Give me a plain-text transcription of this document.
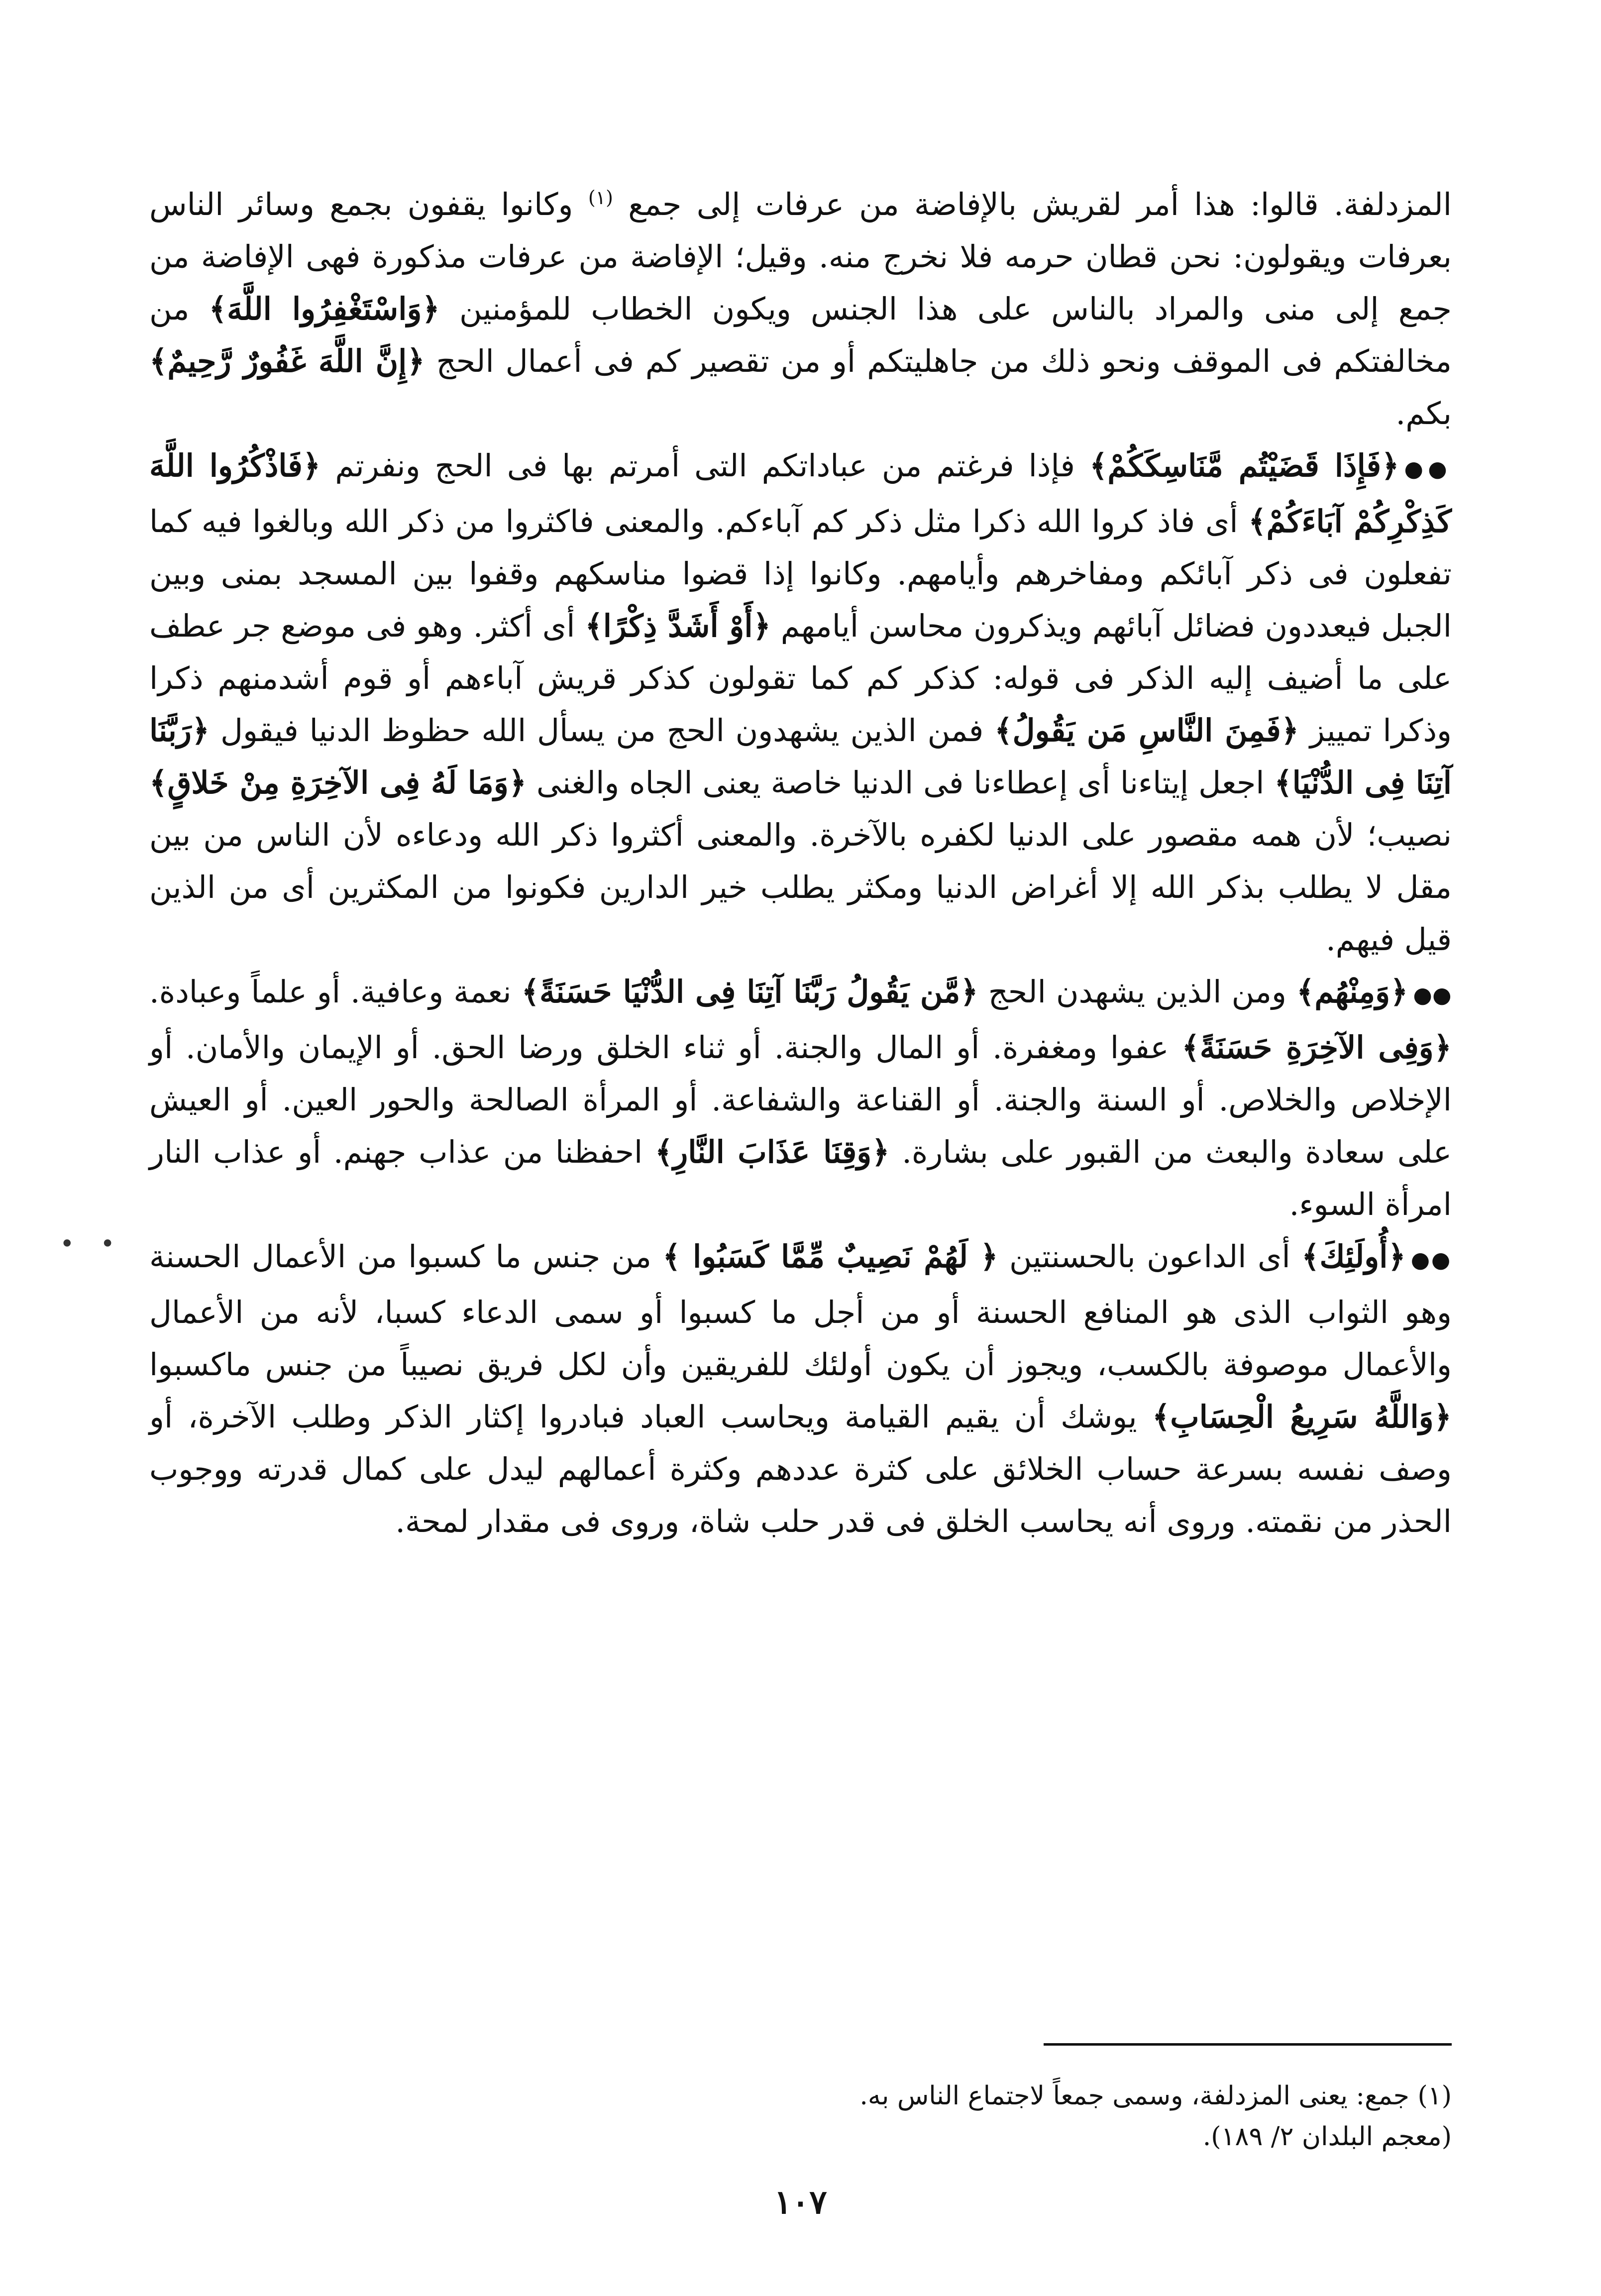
المزدلفة. قالوا: هذا أمر لقريش بالإفاضة من عرفات إلى جمع $^{(١)}$ وكانوا يقفون بجمع وسائر الناس بعرفات ويقولون: نحن قطان حرمه فلا نخرج منه. وقيل؛ الإفاضة من عرفات مذكورة فهى الإفاضة من جمع إلى منى والمراد بالناس على هذا الجنس ويكون الخطاب للمؤمنين ﴿وَاسْتَغْفِرُوا اللَّهَ﴾ من مخالفتكم فى الموقف ونحو ذلك من جاهليتكم أو من تقصير كم فى أعمال الحج ﴿إِنَّ اللَّهَ غَفُورٌ رَّحِيمٌ﴾ بكم.

●●﴿فَإِذَا قَضَيْتُم مَّنَاسِكَكُمْ﴾ فإذا فرغتم من عباداتكم التى أمرتم بها فى الحج ونفرتم ﴿فَاذْكُرُوا اللَّهَ كَذِكْرِكُمْ آبَاءَكُمْ﴾ أى فاذ كروا الله ذكرا مثل ذكر كم آباءكم. والمعنى فاكثروا من ذكر الله وبالغوا فيه كما تفعلون فى ذكر آبائكم ومفاخرهم وأيامهم. وكانوا إذا قضوا مناسكهم وقفوا بين المسجد بمنى وبين الجبل فيعددون فضائل آبائهم ويذكرون محاسن أيامهم ﴿أَوْ أَشَدَّ ذِكْرًا﴾ أى أكثر. وهو فى موضع جر عطف على ما أضيف إليه الذكر فى قوله: كذكر كم كما تقولون كذكر قريش آباءهم أو قوم أشدمنهم ذكرا وذكرا تمييز ﴿فَمِنَ النَّاسِ مَن يَقُولُ﴾ فمن الذين يشهدون الحج من يسأل الله حظوظ الدنيا فيقول ﴿رَبَّنَا آتِنَا فِى الدُّنْيَا﴾ اجعل إيتاءنا أى إعطاءنا فى الدنيا خاصة يعنى الجاه والغنى ﴿وَمَا لَهُ فِى الآخِرَةِ مِنْ خَلاقٍ﴾ نصيب؛ لأن همه مقصور على الدنيا لكفره بالآخرة. والمعنى أكثروا ذكر الله ودعاءه لأن الناس من بين مقل لا يطلب بذكر الله إلا أغراض الدنيا ومكثر يطلب خير الدارين فكونوا من المكثرين أى من الذين قيل فيهم.

●●﴿وَمِنْهُم﴾ ومن الذين يشهدن الحج ﴿مَّن يَقُولُ رَبَّنَا آتِنَا فِى الدُّنْيَا حَسَنَةً﴾ نعمة وعافية. أو علماً وعبادة. ﴿وَفِى الآخِرَةِ حَسَنَةً﴾ عفوا ومغفرة. أو المال والجنة. أو ثناء الخلق ورضا الحق. أو الإيمان والأمان. أو الإخلاص والخلاص. أو السنة والجنة. أو القناعة والشفاعة. أو المرأة الصالحة والحور العين. أو العيش على سعادة والبعث من القبور على بشارة. ﴿وَقِنَا عَذَابَ النَّارِ﴾ احفظنا من عذاب جهنم. أو عذاب النار امرأة السوء.

●●﴿أُولَئِكَ﴾ أى الداعون بالحسنتين ﴿ لَهُمْ نَصِيبٌ مِّمَّا كَسَبُوا ﴾ من جنس ما كسبوا من الأعمال الحسنة وهو الثواب الذى هو المنافع الحسنة أو من أجل ما كسبوا أو سمى الدعاء كسبا، لأنه من الأعمال والأعمال موصوفة بالكسب، ويجوز أن يكون أولئك للفريقين وأن لكل فريق نصيباً من جنس ماكسبوا ﴿وَاللَّهُ سَرِيعُ الْحِسَابِ﴾ يوشك أن يقيم القيامة ويحاسب العباد فبادروا إكثار الذكر وطلب الآخرة، أو وصف نفسه بسرعة حساب الخلائق على كثرة عددهم وكثرة أعمالهم ليدل على كمال قدرته ووجوب الحذر من نقمته. وروى أنه يحاسب الخلق فى قدر حلب شاة، وروى فى مقدار لمحة.

• •

(١) جمع: يعنى المزدلفة، وسمى جمعاً لاجتماع الناس به.

(معجم البلدان ٢/ ١٨٩).

١٠٧
